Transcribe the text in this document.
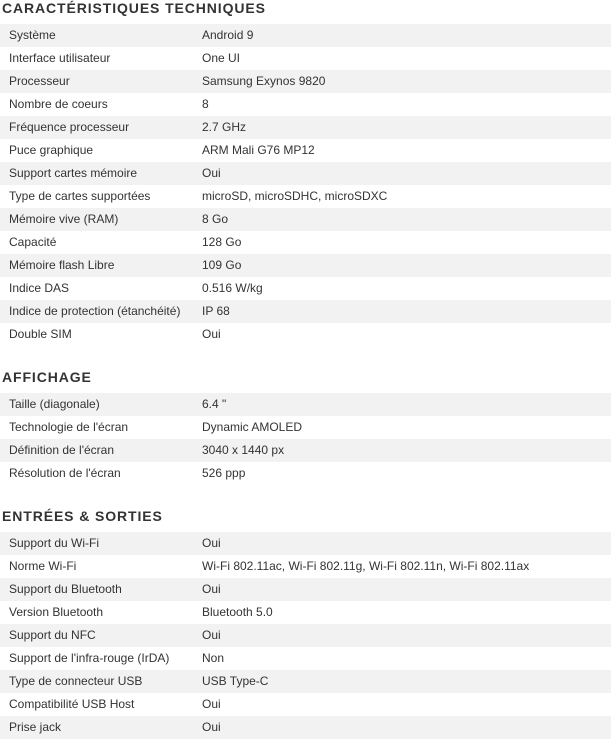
CARACTÉRISTIQUES TECHNIQUES
Système	Android 9
Interface utilisateur	One UI
Processeur	Samsung Exynos 9820
Nombre de coeurs	8
Fréquence processeur	2.7 GHz
Puce graphique	ARM Mali G76 MP12
Support cartes mémoire	Oui
Type de cartes supportées	microSD, microSDHC, microSDXC
Mémoire vive (RAM)	8 Go
Capacité	128 Go
Mémoire flash Libre	109 Go
Indice DAS	0.516 W/kg
Indice de protection (étanchéité)	IP 68
Double SIM	Oui
AFFICHAGE
Taille (diagonale)	6.4 "
Technologie de l'écran	Dynamic AMOLED
Définition de l'écran	3040 x 1440 px
Résolution de l'écran	526 ppp
ENTRÉES & SORTIES
Support du Wi-Fi	Oui
Norme Wi-Fi	Wi-Fi 802.11ac, Wi-Fi 802.11g, Wi-Fi 802.11n, Wi-Fi 802.11ax
Support du Bluetooth	Oui
Version Bluetooth	Bluetooth 5.0
Support du NFC	Oui
Support de l'infra-rouge (IrDA)	Non
Type de connecteur USB	USB Type-C
Compatibilité USB Host	Oui
Prise jack	Oui
